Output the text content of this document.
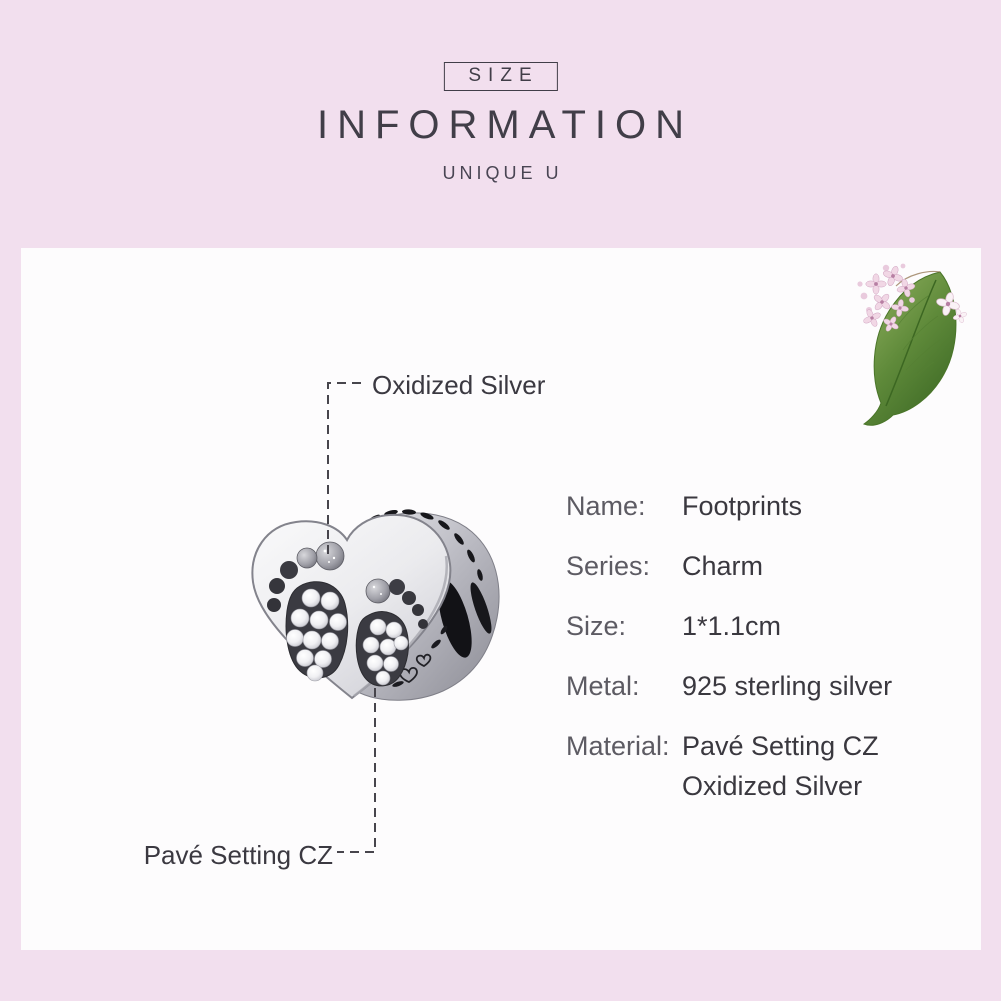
SIZE
INFORMATION
UNIQUE U
Oxidized Silver
Pavé Setting CZ
Name:	Footprints
Series:	Charm
Size:	1*1.1cm
Metal:	925 sterling silver
Material: Pavé Setting CZ
Oxidized Silver
